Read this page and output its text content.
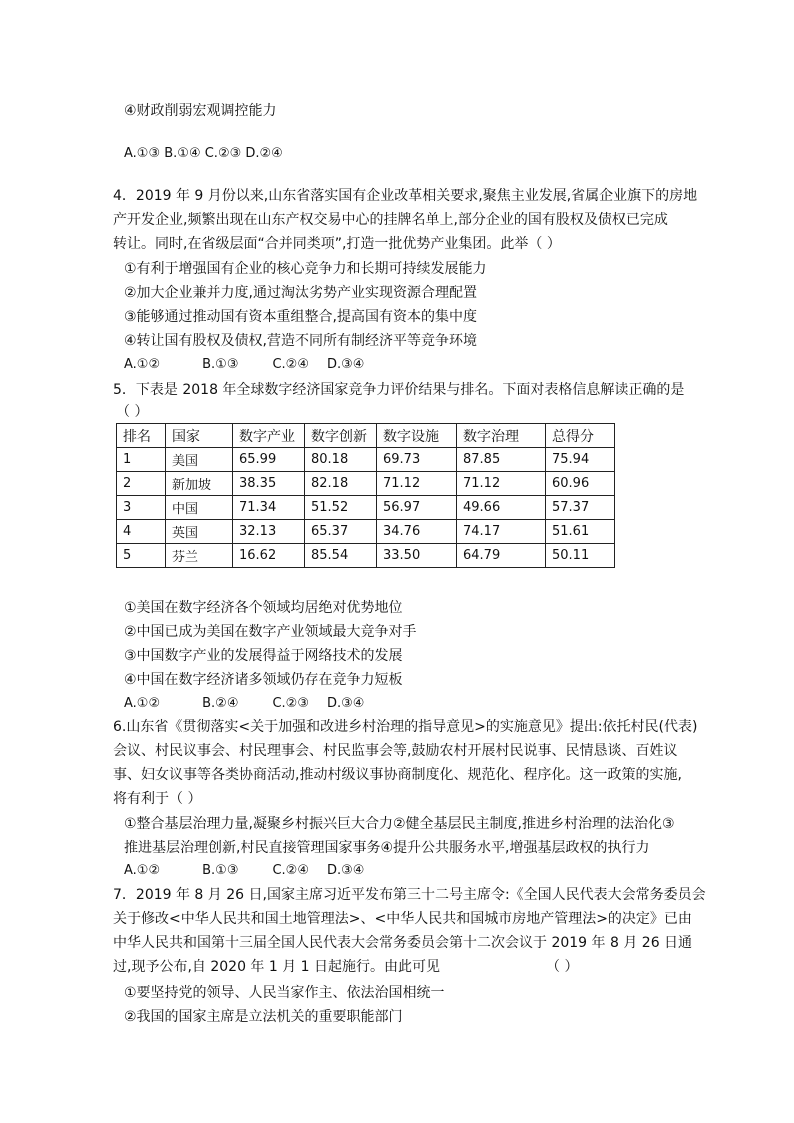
④财政削弱宏观调控能力
A.①③ B.①④ C.②③ D.②④
4．2019 年 9 月份以来,山东省落实国有企业改革相关要求,聚焦主业发展,省属企业旗下的房地
产开发企业,频繁出现在山东产权交易中心的挂牌名单上,部分企业的国有股权及债权已完成
转让。同时,在省级层面“合并同类项”,打造一批优势产业集团。此举（ ）
①有利于增强国有企业的核心竞争力和长期可持续发展能力
②加大企业兼并力度,通过淘汰劣势产业实现资源合理配置
③能够通过推动国有资本重组整合,提高国有资本的集中度
④转让国有股权及债权,营造不同所有制经济平等竞争环境
A.①②	B.①③	C.②④ D.③④
5．下表是 2018 年全球数字经济国家竞争力评价结果与排名。下面对表格信息解读正确的是
（ ）
排名	国家	数字产业	数字创新	数字设施	数字治理	总得分
1	美国	65.99	80.18	69.73	87.85	75.94
2	新加坡	38.35	82.18	71.12	71.12	60.96
3	中国	71.34	51.52	56.97	49.66	57.37
4	英国	32.13	65.37	34.76	74.17	51.61
5	芬兰	16.62	85.54	33.50	64.79	50.11
①美国在数字经济各个领域均居绝对优势地位
②中国已成为美国在数字产业领域最大竞争对手
③中国数字产业的发展得益于网络技术的发展
④中国在数字经济诸多领域仍存在竞争力短板
A.①②	B.②④	C.②③ D.③④
6.山东省《贯彻落实<关于加强和改进乡村治理的指导意见>的实施意见》提出:依托村民(代表)
会议、村民议事会、村民理事会、村民监事会等,鼓励农村开展村民说事、民情恳谈、百姓议
事、妇女议事等各类协商活动,推动村级议事协商制度化、规范化、程序化。这一政策的实施,
将有利于（ ）
①整合基层治理力量,凝聚乡村振兴巨大合力②健全基层民主制度,推进乡村治理的法治化③
推进基层治理创新,村民直接管理国家事务④提升公共服务水平,增强基层政权的执行力
A.①②	B.①③	C.②④ D.③④
7．2019 年 8 月 26 日,国家主席习近平发布第三十二号主席令:《全国人民代表大会常务委员会
关于修改<中华人民共和国土地管理法>、<中华人民共和国城市房地产管理法>的决定》已由
中华人民共和国第十三届全国人民代表大会常务委员会第十二次会议于 2019 年 8 月 26 日通
过,现予公布,自 2020 年 1 月 1 日起施行。由此可见	（ ）
①要坚持党的领导、人民当家作主、依法治国相统一
②我国的国家主席是立法机关的重要职能部门
